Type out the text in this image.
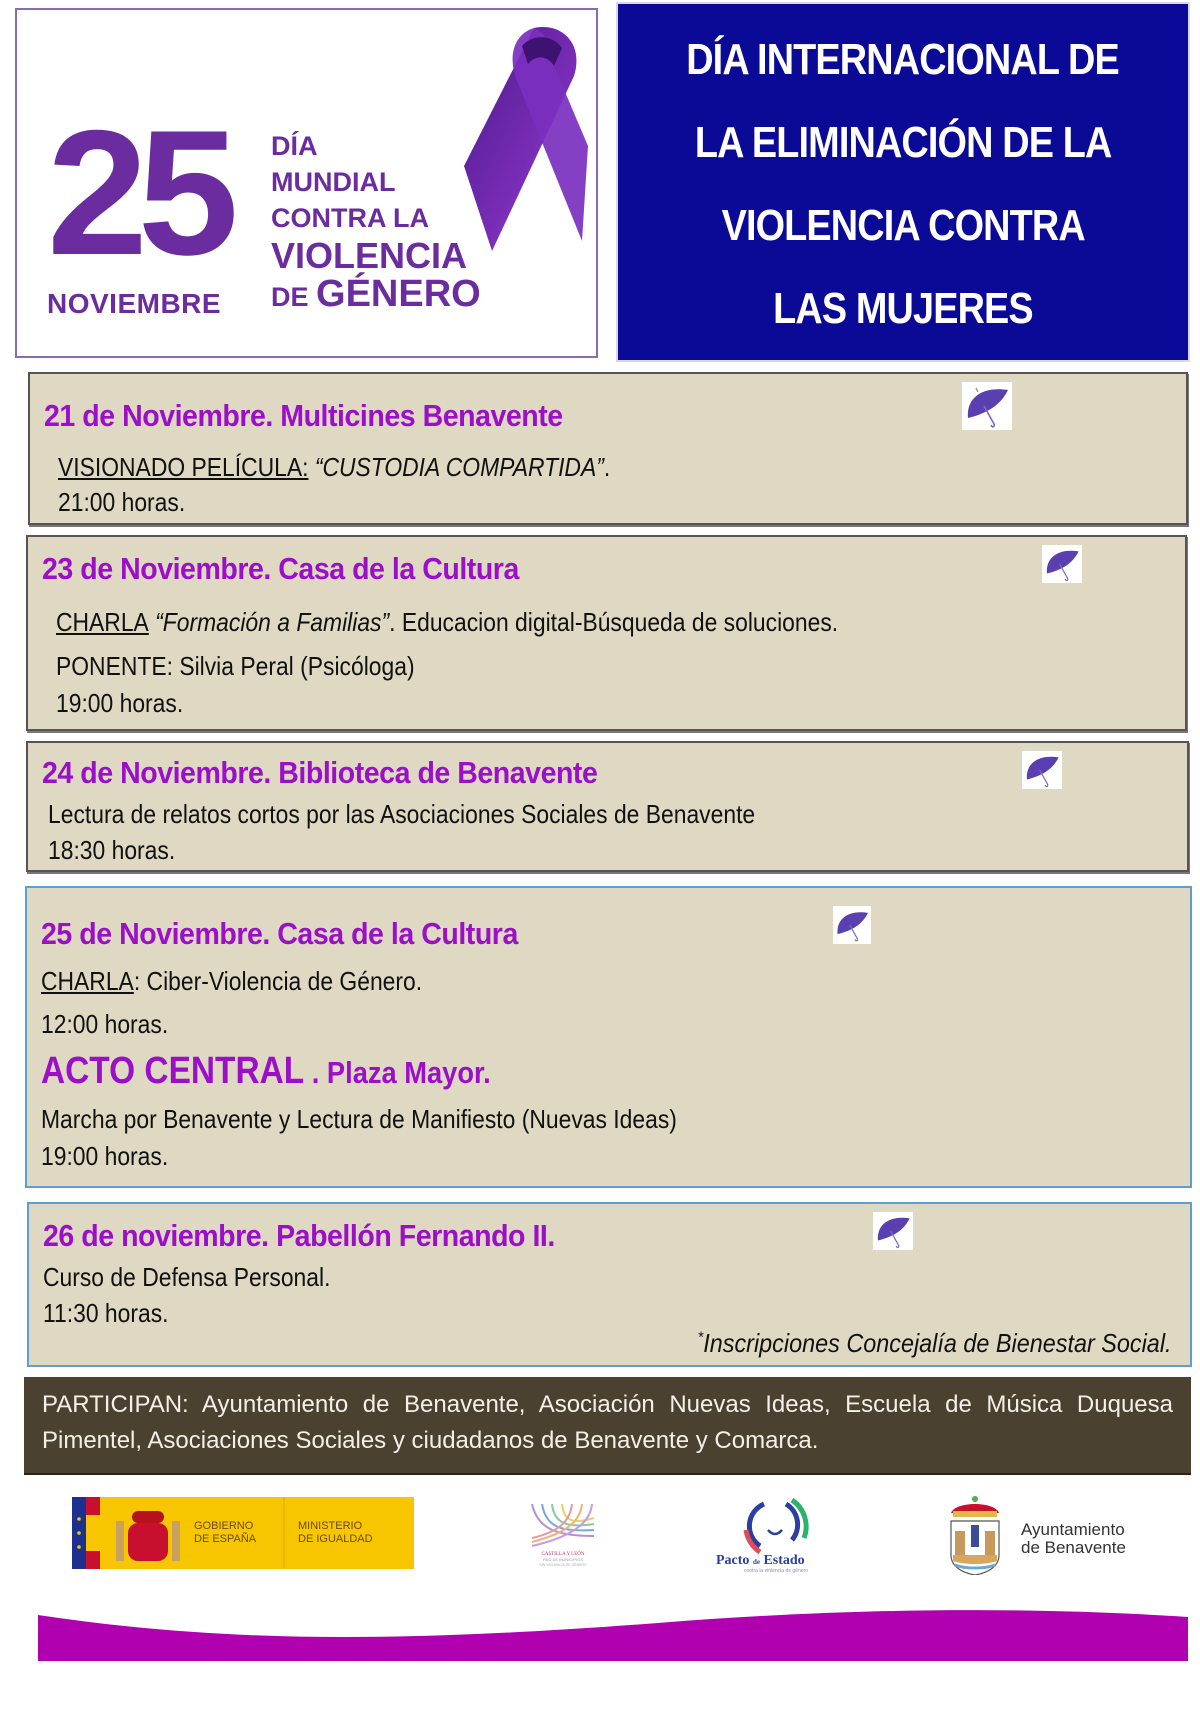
25
NOVIEMBRE
DÍA
MUNDIAL
CONTRA LA
VIOLENCIA
DE GÉNERO
DÍA INTERNACIONAL DE
LA ELIMINACIÓN DE LA
VIOLENCIA CONTRA
LAS MUJERES
21 de Noviembre. Multicines Benavente
VISIONADO PELÍCULA: “CUSTODIA COMPARTIDA”.
21:00 horas.
23 de Noviembre. Casa de la Cultura
CHARLA “Formación a Familias”. Educacion digital-Búsqueda de soluciones.
PONENTE: Silvia Peral (Psicóloga)
19:00 horas.
24 de Noviembre. Biblioteca de Benavente
Lectura de relatos cortos por las Asociaciones Sociales de Benavente
18:30 horas.
25 de Noviembre. Casa de la Cultura
CHARLA: Ciber-Violencia de Género.
12:00 horas.
ACTO CENTRAL . Plaza Mayor.
Marcha por Benavente y Lectura de Manifiesto (Nuevas Ideas)
19:00 horas.
26 de noviembre. Pabellón Fernando II.
Curso de Defensa Personal.
11:30 horas.
*Inscripciones Concejalía de Bienestar Social.
PARTICIPAN: Ayuntamiento de Benavente, Asociación Nuevas Ideas, Escuela de Música Duquesa Pimentel, Asociaciones Sociales y ciudadanos de Benavente y Comarca.
GOBIERNO
DE ESPAÑA
MINISTERIO
DE IGUALDAD
CASTILLA Y LEÓN
RED DE MUNICIPIOS
SIN VIOLENCIA DE GÉNERO	Pacto de Estado
contra la violencia de género
Ayuntamiento
de Benavente
